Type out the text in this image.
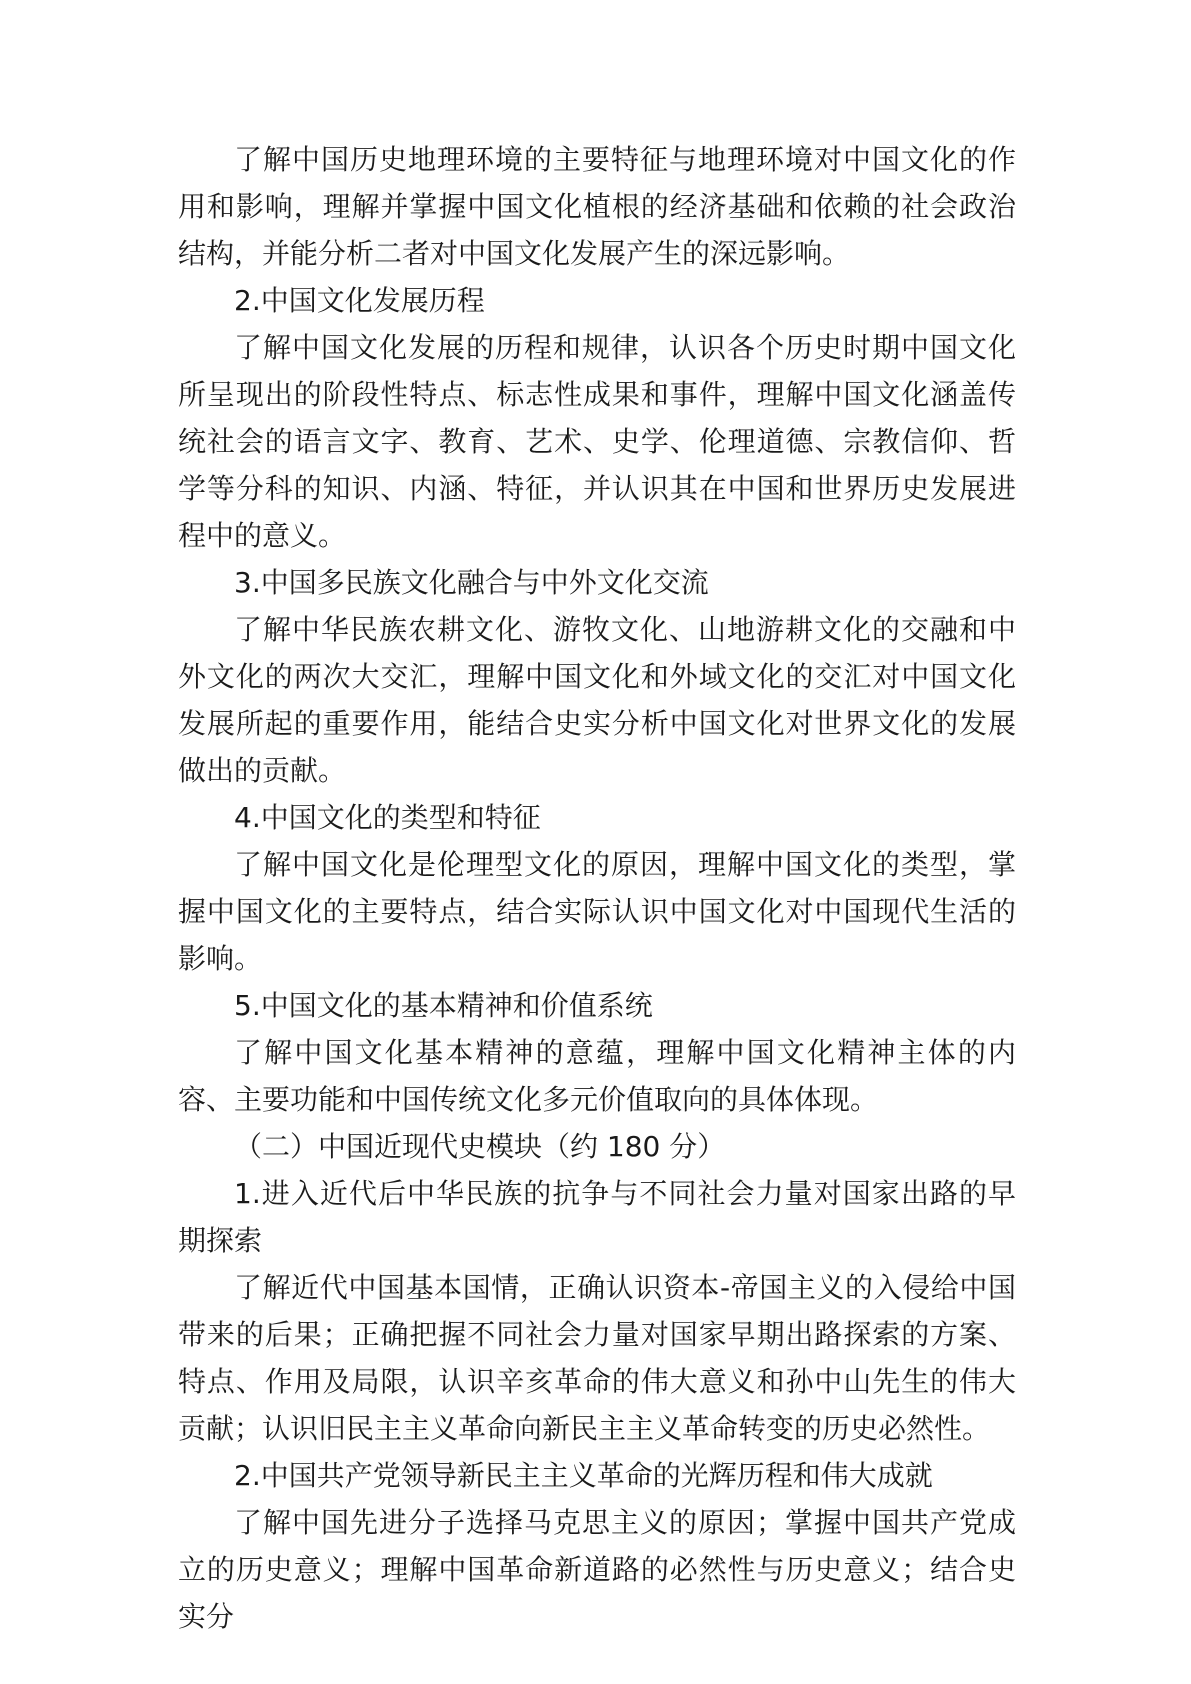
了解中国历史地理环境的主要特征与地理环境对中国文化的作用和影响，理解并掌握中国文化植根的经济基础和依赖的社会政治结构，并能分析二者对中国文化发展产生的深远影响。

2.中国文化发展历程

了解中国文化发展的历程和规律，认识各个历史时期中国文化所呈现出的阶段性特点、标志性成果和事件，理解中国文化涵盖传统社会的语言文字、教育、艺术、史学、伦理道德、宗教信仰、哲学等分科的知识、内涵、特征，并认识其在中国和世界历史发展进程中的意义。

3.中国多民族文化融合与中外文化交流

了解中华民族农耕文化、游牧文化、山地游耕文化的交融和中外文化的两次大交汇，理解中国文化和外域文化的交汇对中国文化发展所起的重要作用，能结合史实分析中国文化对世界文化的发展做出的贡献。

4.中国文化的类型和特征

了解中国文化是伦理型文化的原因，理解中国文化的类型，掌握中国文化的主要特点，结合实际认识中国文化对中国现代生活的影响。

5.中国文化的基本精神和价值系统

了解中国文化基本精神的意蕴，理解中国文化精神主体的内容、主要功能和中国传统文化多元价值取向的具体体现。

（二）中国近现代史模块（约 180 分）

1.进入近代后中华民族的抗争与不同社会力量对国家出路的早期探索

了解近代中国基本国情，正确认识资本-帝国主义的入侵给中国带来的后果；正确把握不同社会力量对国家早期出路探索的方案、特点、作用及局限，认识辛亥革命的伟大意义和孙中山先生的伟大贡献；认识旧民主主义革命向新民主主义革命转变的历史必然性。

2.中国共产党领导新民主主义革命的光辉历程和伟大成就

了解中国先进分子选择马克思主义的原因；掌握中国共产党成立的历史意义；理解中国革命新道路的必然性与历史意义；结合史实分
